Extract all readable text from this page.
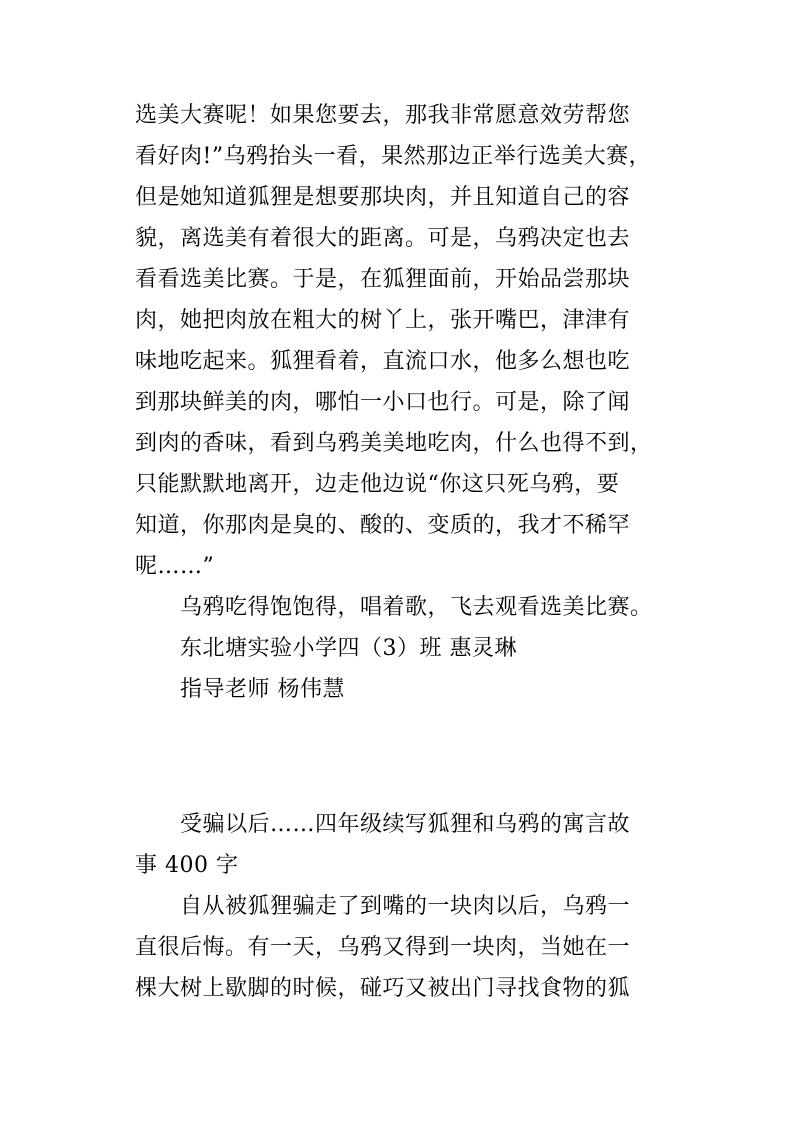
选美大赛呢！如果您要去，那我非常愿意效劳帮您
看好肉!”乌鸦抬头一看，果然那边正举行选美大赛，
但是她知道狐狸是想要那块肉，并且知道自己的容
貌，离选美有着很大的距离。可是，乌鸦决定也去
看看选美比赛。于是，在狐狸面前，开始品尝那块
肉，她把肉放在粗大的树丫上，张开嘴巴，津津有
味地吃起来。狐狸看着，直流口水，他多么想也吃
到那块鲜美的肉，哪怕一小口也行。可是，除了闻
到肉的香味，看到乌鸦美美地吃肉，什么也得不到，
只能默默地离开，边走他边说“你这只死乌鸦，要
知道，你那肉是臭的、酸的、变质的，我才不稀罕
呢……”
乌鸦吃得饱饱得，唱着歌，飞去观看选美比赛。
东北塘实验小学四（3）班 惠灵琳
指导老师 杨伟慧
受骗以后……四年级续写狐狸和乌鸦的寓言故
事 400 字
自从被狐狸骗走了到嘴的一块肉以后，乌鸦一
直很后悔。有一天，乌鸦又得到一块肉，当她在一
棵大树上歇脚的时候，碰巧又被出门寻找食物的狐
